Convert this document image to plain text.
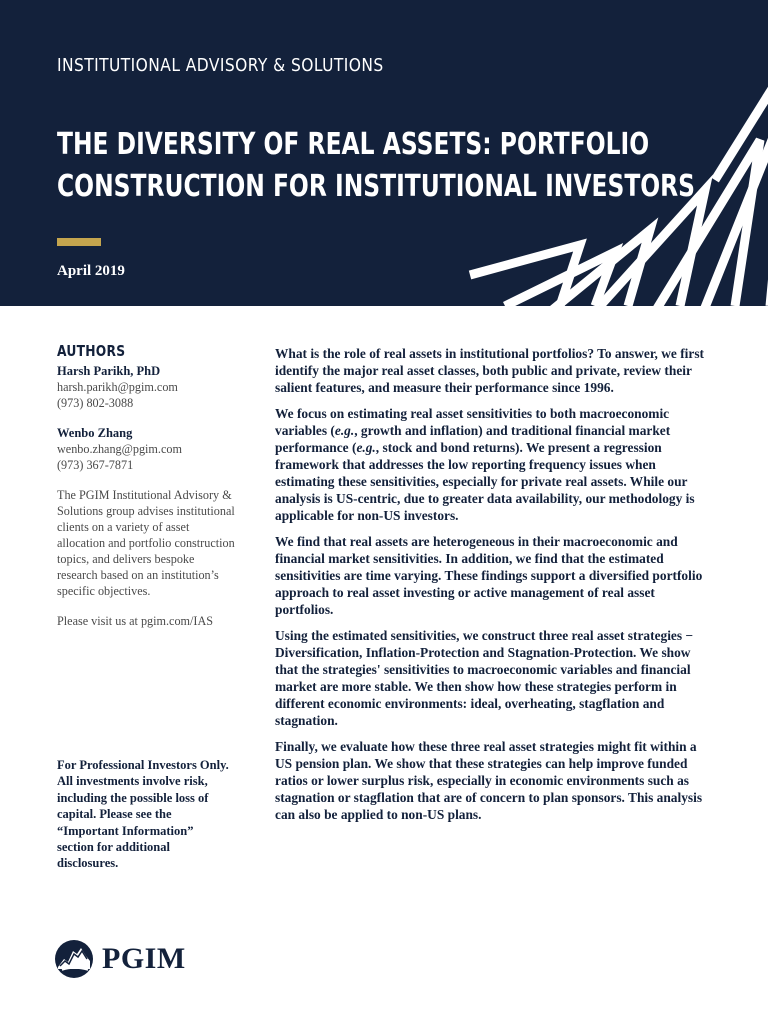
INSTITUTIONAL ADVISORY & SOLUTIONS
THE DIVERSITY OF REAL ASSETS: PORTFOLIO
CONSTRUCTION FOR INSTITUTIONAL INVESTORS
April 2019
AUTHORS
Harsh Parikh, PhD
harsh.parikh@pgim.com
(973) 802-3088
Wenbo Zhang
wenbo.zhang@pgim.com
(973) 367-7871
The PGIM Institutional Advisory & Solutions group advises institutional clients on a variety of asset allocation and portfolio construction topics, and delivers bespoke research based on an institution’s specific objectives.
Please visit us at pgim.com/IAS
For Professional Investors Only. All investments involve risk, including the possible loss of capital. Please see the “Important Information” section for additional disclosures.

What is the role of real assets in institutional portfolios? To answer, we first identify the major real asset classes, both public and private, review their salient features, and measure their performance since 1996.

We focus on estimating real asset sensitivities to both macroeconomic variables (e.g., growth and inflation) and traditional financial market performance (e.g., stock and bond returns). We present a regression framework that addresses the low reporting frequency issues when estimating these sensitivities, especially for private real assets. While our analysis is US-centric, due to greater data availability, our methodology is applicable for non-US investors.

We find that real assets are heterogeneous in their macroeconomic and financial market sensitivities. In addition, we find that the estimated sensitivities are time varying. These findings support a diversified portfolio approach to real asset investing or active management of real asset portfolios.

Using the estimated sensitivities, we construct three real asset strategies − Diversification, Inflation-Protection and Stagnation-Protection. We show that the strategies' sensitivities to macroeconomic variables and financial market are more stable. We then show how these strategies perform in different economic environments: ideal, overheating, stagflation and stagnation.

Finally, we evaluate how these three real asset strategies might fit within a US pension plan. We show that these strategies can help improve funded ratios or lower surplus risk, especially in economic environments such as stagnation or stagflation that are of concern to plan sponsors. This analysis can also be applied to non-US plans.

PGIM
